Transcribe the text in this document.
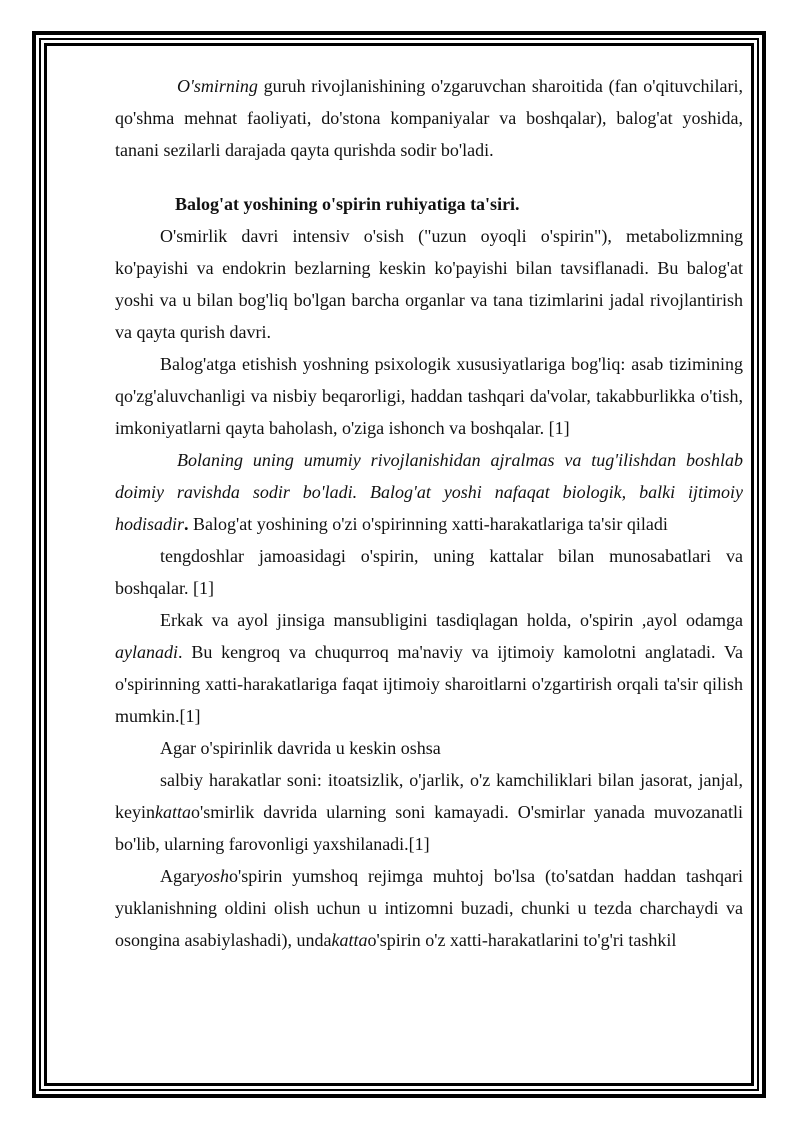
O'smirning guruh rivojlanishining o'zgaruvchan sharoitida (fan o'qituvchilari, qo'shma mehnat faoliyati, do'stona kompaniyalar va boshqalar), balog'at yoshida, tanani sezilarli darajada qayta qurishda sodir bo'ladi.

Balog'at yoshining o'spirin ruhiyatiga ta'siri.

O'smirlik davri intensiv o'sish ("uzun oyoqli o'spirin"), metabolizmning ko'payishi va endokrin bezlarning keskin ko'payishi bilan tavsiflanadi. Bu balog'at yoshi va u bilan bog'liq bo'lgan barcha organlar va tana tizimlarini jadal rivojlantirish va qayta qurish davri.

Balog'atga etishish yoshning psixologik xususiyatlariga bog'liq: asab tizimining qo'zg'aluvchanligi va nisbiy beqarorligi, haddan tashqari da'volar, takabburlikka o'tish, imkoniyatlarni qayta baholash, o'ziga ishonch va boshqalar. [1]

Bolaning uning umumiy rivojlanishidan ajralmas va tug'ilishdan boshlab doimiy ravishda sodir bo'ladi. Balog'at yoshi nafaqat biologik, balki ijtimoiy hodisadir. Balog'at yoshining o'zi o'spirinning xatti-harakatlariga ta'sir qiladi

tengdoshlar jamoasidagi o'spirin, uning kattalar bilan munosabatlari va boshqalar. [1]

Erkak va ayol jinsiga mansubligini tasdiqlagan holda, o'spirin ,ayol odamga aylanadi. Bu kengroq va chuqurroq ma'naviy va ijtimoiy kamolotni anglatadi. Va o'spirinning xatti-harakatlariga faqat ijtimoiy sharoitlarni o'zgartirish orqali ta'sir qilish mumkin.[1]

Agar o'spirinlik davrida u keskin oshsa

salbiy harakatlar soni: itoatsizlik, o'jarlik, o'z kamchiliklari bilan jasorat, janjal, keyinkattao'smirlik davrida ularning soni kamayadi. O'smirlar yanada muvozanatli bo'lib, ularning farovonligi yaxshilanadi.[1]

Agaryosho'spirin yumshoq rejimga muhtoj bo'lsa (to'satdan haddan tashqari yuklanishning oldini olish uchun u intizomni buzadi, chunki u tezda charchaydi va osongina asabiylashadi), undakattao'spirin o'z xatti-harakatlarini to'g'ri tashkil
